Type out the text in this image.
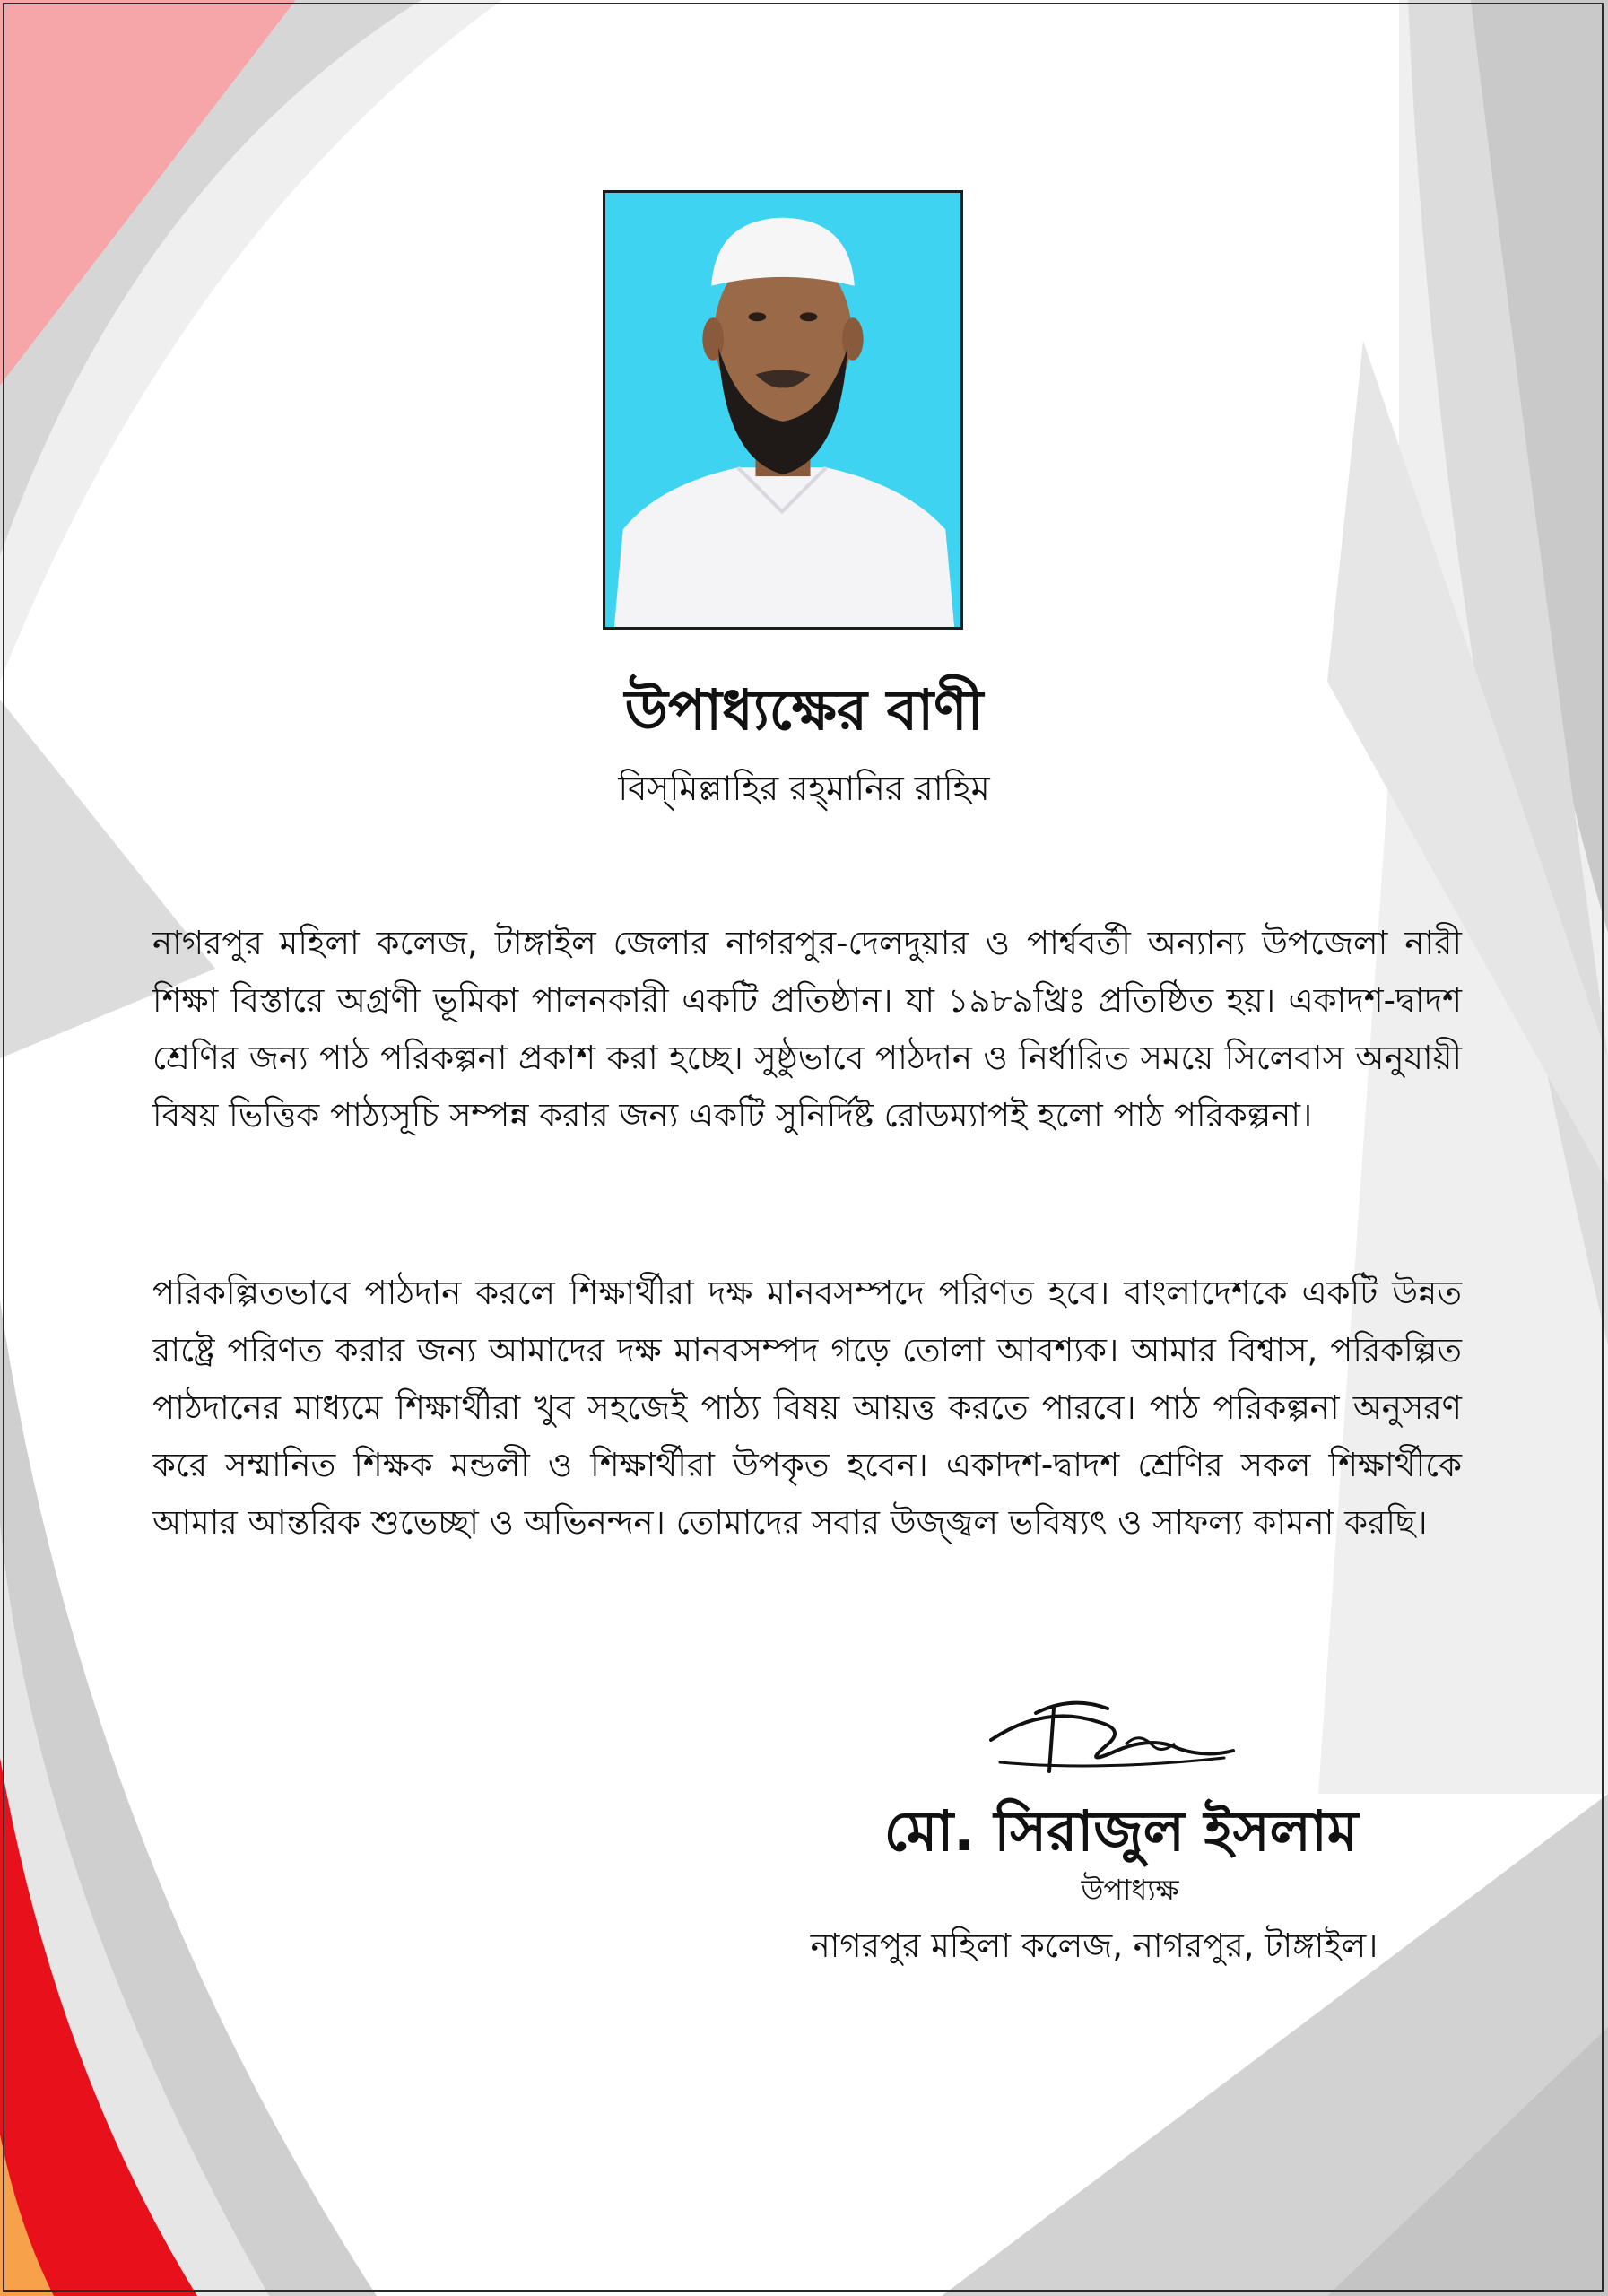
উপাধ্যক্ষের বাণী
বিস্‌মিল্লাহির রহ্‌মানির রাহিম

নাগরপুর মহিলা কলেজ, টাঙ্গাইল জেলার নাগরপুর-দেলদুয়ার ও পার্শ্ববর্তী অন্যান্য উপজেলা নারী শিক্ষা বিস্তারে অগ্রণী ভূমিকা পালনকারী একটি প্রতিষ্ঠান। যা ১৯৮৯খ্রিঃ প্রতিষ্ঠিত হয়। একাদশ-দ্বাদশ শ্রেণির জন্য পাঠ পরিকল্পনা প্রকাশ করা হচ্ছে। সুষ্ঠুভাবে পাঠদান ও নির্ধারিত সময়ে সিলেবাস অনুযায়ী বিষয় ভিত্তিক পাঠ্যসূচি সম্পন্ন করার জন্য একটি সুনির্দিষ্ট রোডম্যাপই হলো পাঠ পরিকল্পনা।

পরিকল্পিতভাবে পাঠদান করলে শিক্ষার্থীরা দক্ষ মানবসম্পদে পরিণত হবে। বাংলাদেশকে একটি উন্নত রাষ্ট্রে পরিণত করার জন্য আমাদের দক্ষ মানবসম্পদ গড়ে তোলা আবশ্যক। আমার বিশ্বাস, পরিকল্পিত পাঠদানের মাধ্যমে শিক্ষার্থীরা খুব সহজেই পাঠ্য বিষয় আয়ত্ত করতে পারবে। পাঠ পরিকল্পনা অনুসরণ করে সম্মানিত শিক্ষক মন্ডলী ও শিক্ষার্থীরা উপকৃত হবেন। একাদশ-দ্বাদশ শ্রেণির সকল শিক্ষার্থীকে আমার আন্তরিক শুভেচ্ছা ও অভিনন্দন। তোমাদের সবার উজ্জ্বল ভবিষ্যৎ ও সাফল্য কামনা করছি।

মো. সিরাজুল ইসলাম
উপাধ্যক্ষ
নাগরপুর মহিলা কলেজ, নাগরপুর, টাঙ্গাইল।
